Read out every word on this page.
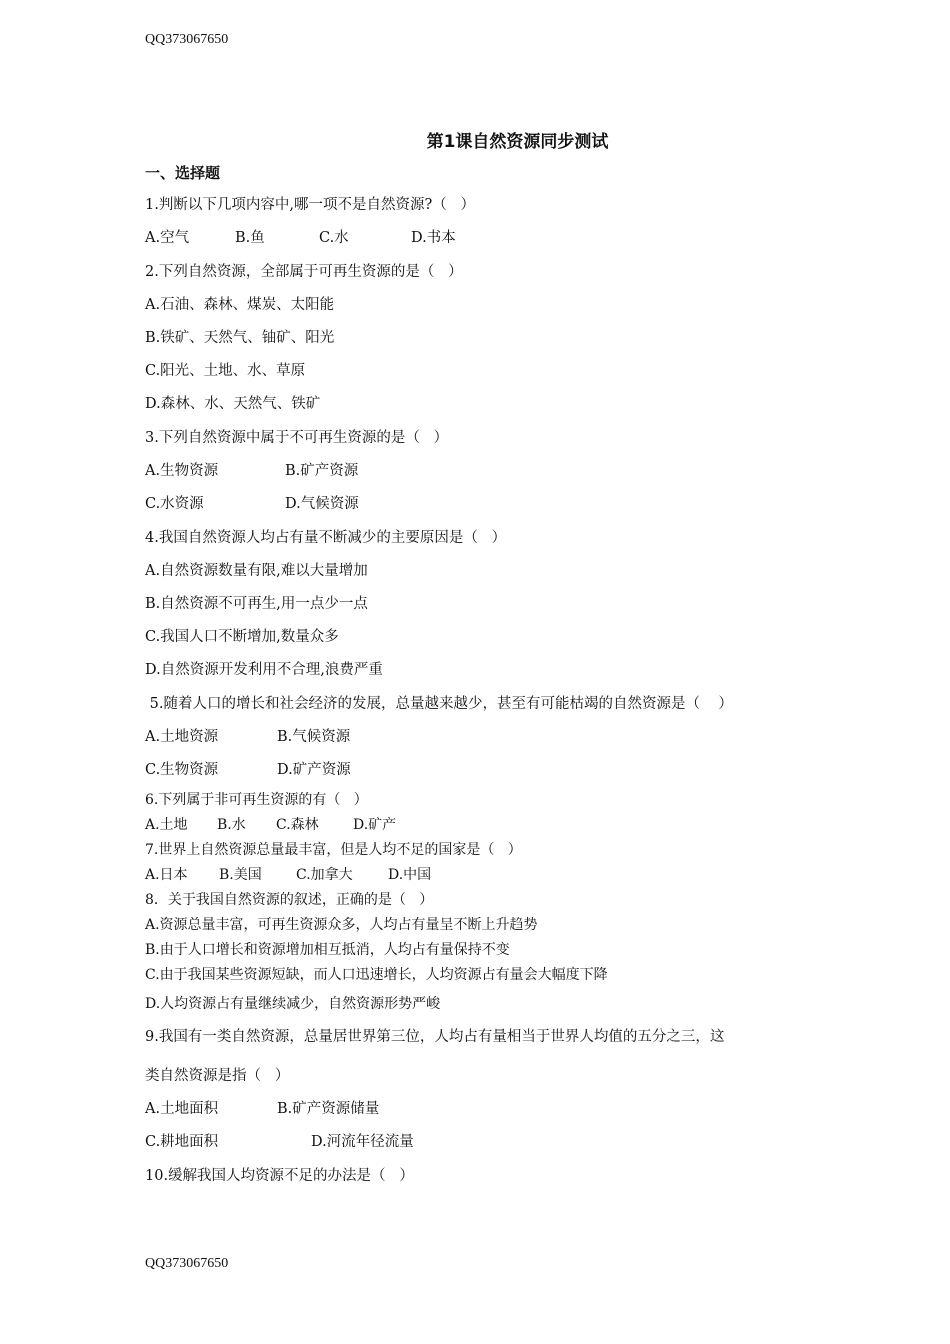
QQ373067650
第1课自然资源同步测试
一、选择题
1.判断以下几项内容中,哪一项不是自然资源?（   ）

A.空气

	B.鱼

	C.水

	D.书本

2.下列自然资源，全部属于可再生资源的是（   ）
A.石油、森林、煤炭、太阳能
B.铁矿、天然气、铀矿、阳光
C.阳光、土地、水、草原
D.森林、水、天然气、铁矿
3.下列自然资源中属于不可再生资源的是（   ）

A.生物资源

	B.矿产资源

C.水资源

	D.气候资源

4.我国自然资源人均占有量不断减少的主要原因是（   ）
A.自然资源数量有限,难以大量增加
B.自然资源不可再生,用一点少一点
C.我国人口不断增加,数量众多
D.自然资源开发利用不合理,浪费严重
5.随着人口的增长和社会经济的发展，总量越来越少，甚至有可能枯竭的自然资源是（    ）

A.土地资源

	B.气候资源

C.生物资源

	D.矿产资源

6.下列属于非可再生资源的有（   ）

A.土地

B.水

C.森林

D.矿产

7.世界上自然资源总量最丰富，但是人均不足的国家是（   ）

A.日本

B.美国

C.加拿大

	D.中国

8．关于我国自然资源的叙述，正确的是（   ）
A.资源总量丰富，可再生资源众多，人均占有量呈不断上升趋势
B.由于人口增长和资源增加相互抵消，人均占有量保持不变
C.由于我国某些资源短缺，而人口迅速增长，人均资源占有量会大幅度下降
D.人均资源占有量继续减少，自然资源形势严峻
9.我国有一类自然资源，总量居世界第三位，人均占有量相当于世界人均值的五分之三，这
类自然资源是指（   ）

A.土地面积

	B.矿产资源储量

C.耕地面积

	D.河流年径流量

10.缓解我国人均资源不足的办法是（   ）
QQ373067650
